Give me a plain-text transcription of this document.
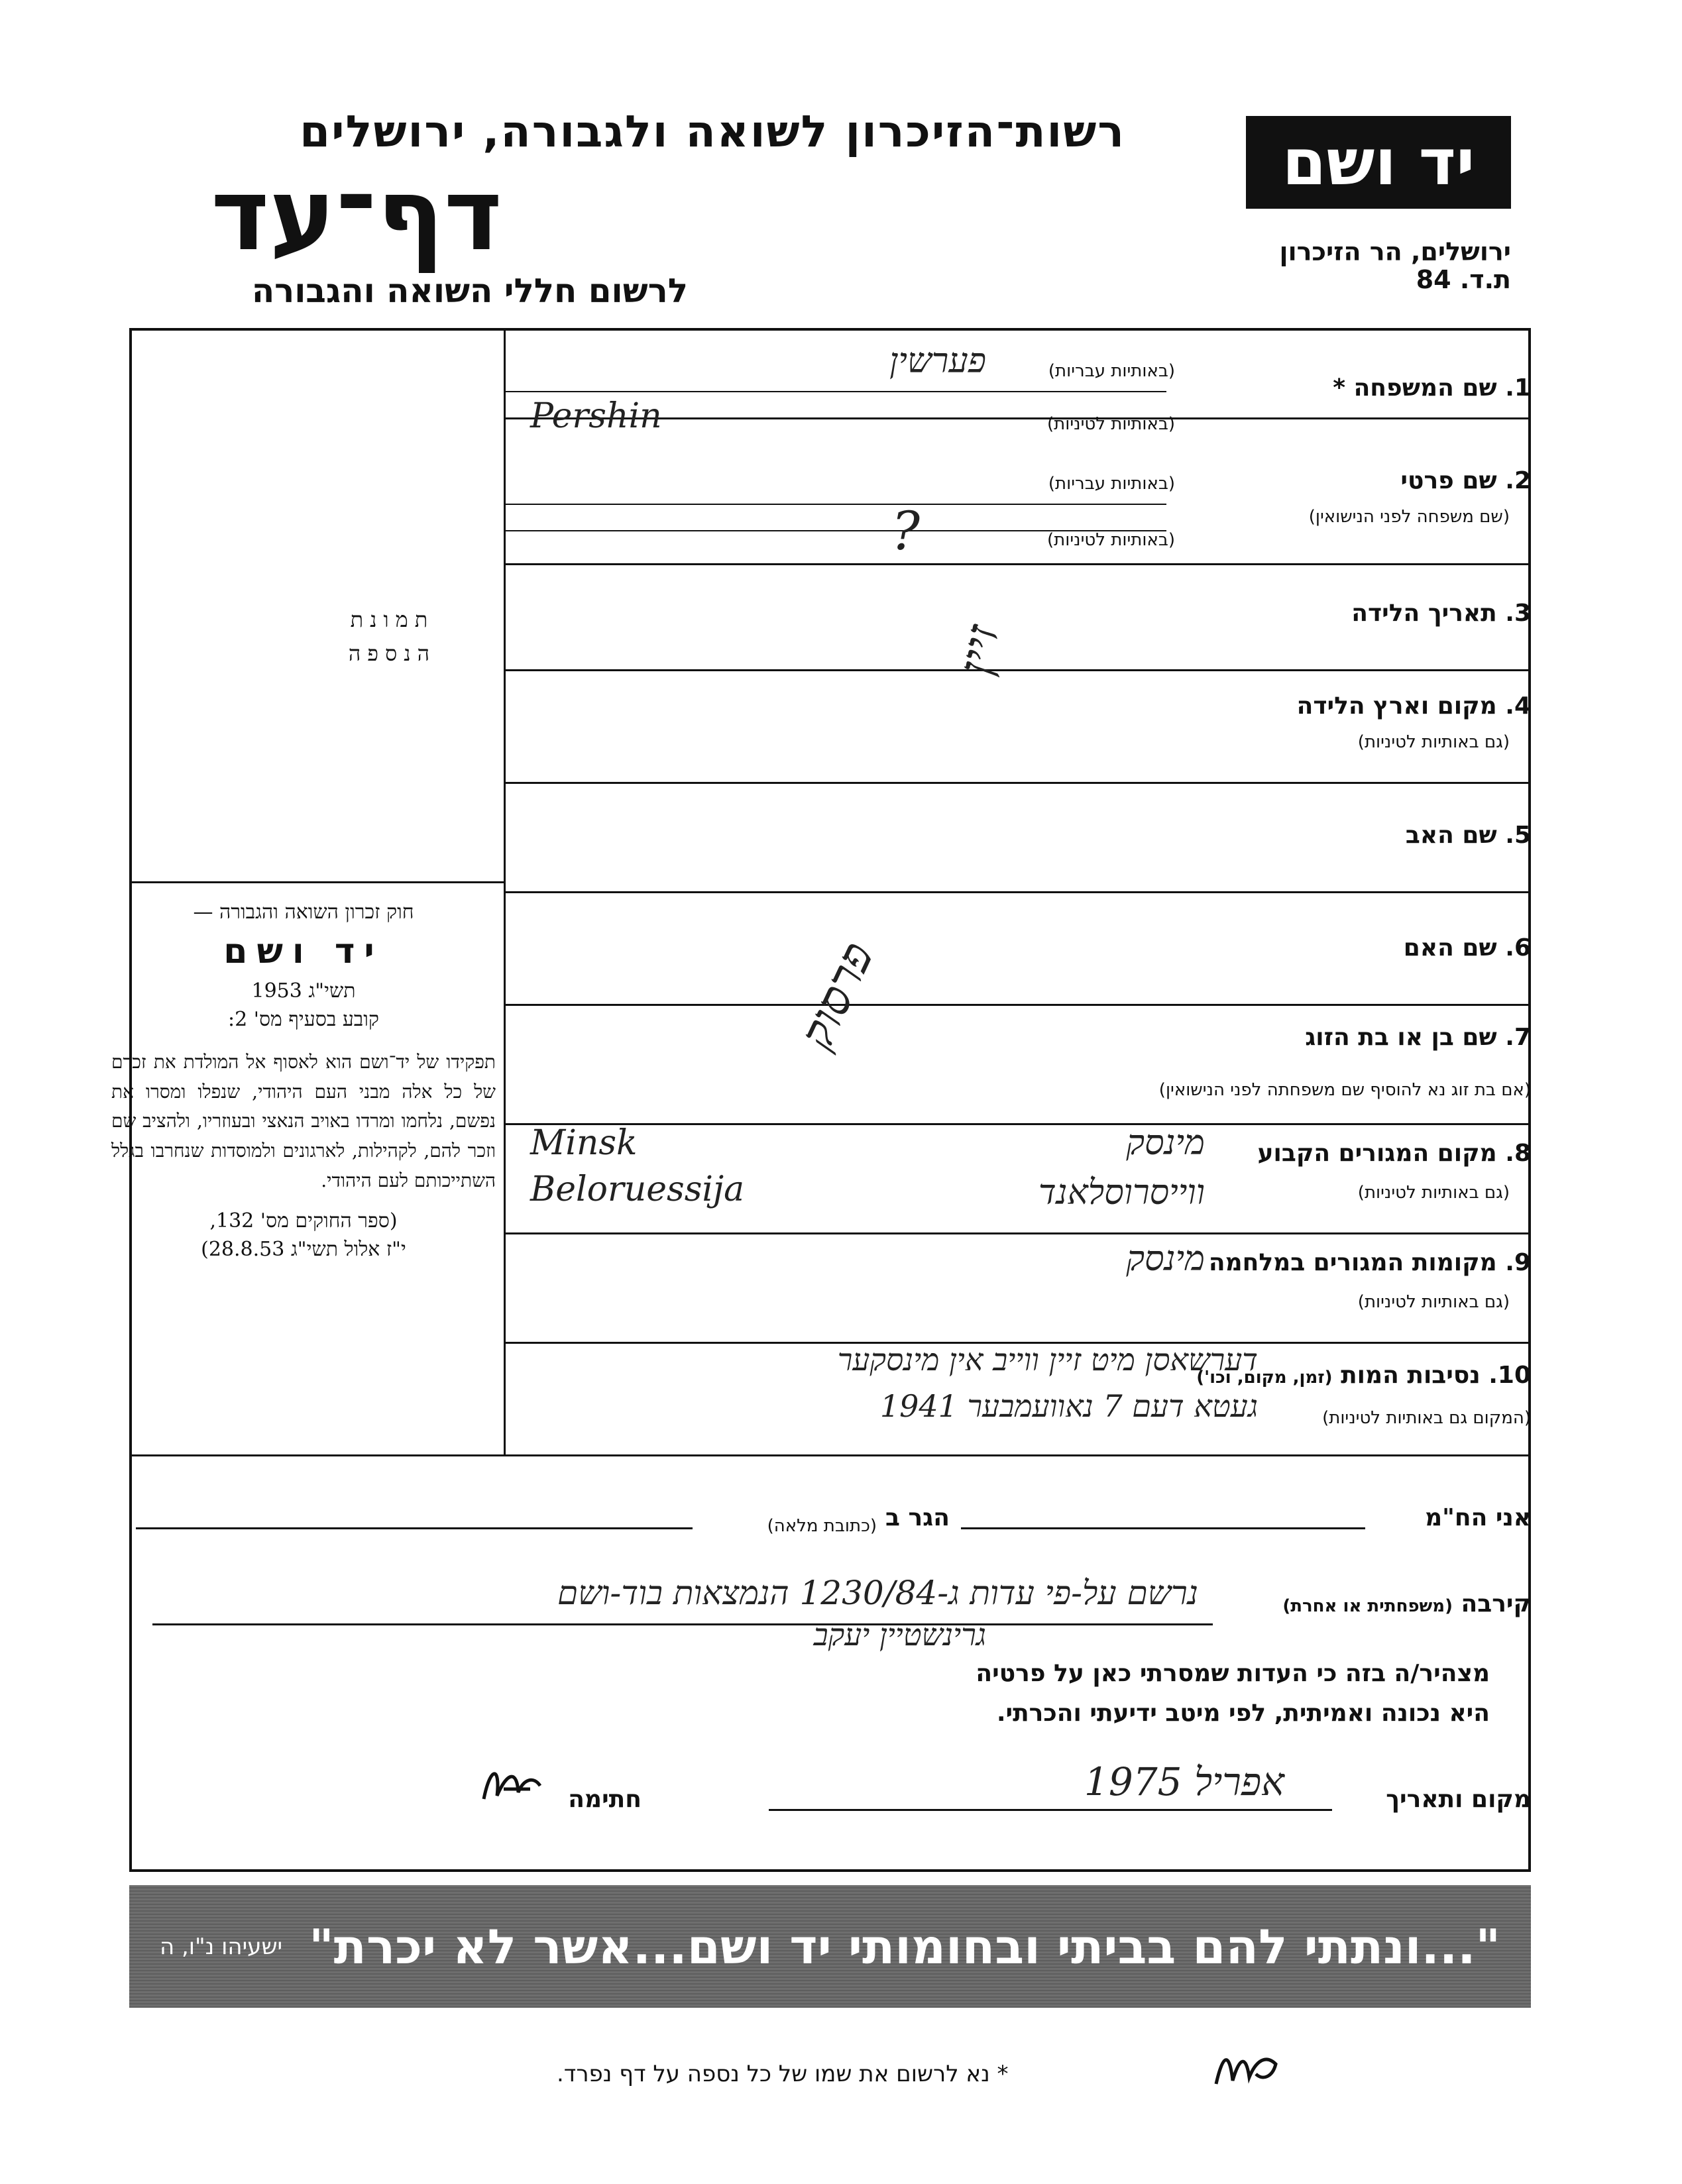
רשות־הזיכרון לשואה ולגבורה, ירושלים
דף־עד
לרשום חללי השואה והגבורה
יד ושם
ירושלים, הר הזיכרון
ת.ד. 84
תמונת
הנספה
חוק זכרון השואה והגבורה —
יד ושם
תשי"ג 1953
קובע בסעיף מס' 2:
תפקידו של יד־ושם הוא לאסוף אל המולדת את זכרם של כל אלה מבני העם היהודי, שנפלו ומסרו את נפשם, נלחמו ומרדו באויב הנאצי ובעוזריו, ולהציב שם וזכר להם, לקהילות, לארגונים ולמוסדות שנחרבו בגלל השתייכותם לעם היהודי.
(ספר החוקים מס' 132,
י"ז אלול תשי"ג 28.8.53)
1. שם המשפחה *
(באותיות עבריות)
(באותיות לטיניות)
פערשין
Pershin
2. שם פרטי
(שם משפחה לפני הנישואין)
(באותיות עבריות)
(באותיות לטיניות)
?
3. תאריך הלידה
4. מקום וארץ הלידה
(גם באותיות לטיניות)
5. שם האב
6. שם האם
7. שם בן או בת הזוג
(אם בת זוג נא להוסיף שם משפחתה לפני הנישואין)
זיין
פרסוק
8. מקום המגורים הקבוע
(גם באותיות לטיניות)
מינסק
ווייסרוסלאנד
Minsk
Beloruessija
9. מקומות המגורים במלחמה
(גם באותיות לטיניות)
מינסק
10. נסיבות המות (זמן, מקום, וכו')
(המקום גם באותיות לטיניות)
דערשאסן מיט זיין ווייב אין מינסקער
געטא דעם 7 נאוועמבער 1941
אני הח"מ
הגר ב
(כתובת מלאה)
קירבה (משפחתית או אחרת)
נרשם על-פי עדות ג-1230/84 הנמצאות בוד-ושם
גרינשטיין יעקב
מצהיר/ה בזה כי העדות שמסרתי כאן על פרטיה
היא נכונה ואמיתית, לפי מיטב ידיעתי והכרתי.
מקום ותאריך
אפריל 1975
חתימה
"...ונתתי להם בביתי ובחומותי יד ושם...אשר לא יכרת"
ישעיהו נ"ו, ה
* נא לרשום את שמו של כל נספה על דף נפרד.
